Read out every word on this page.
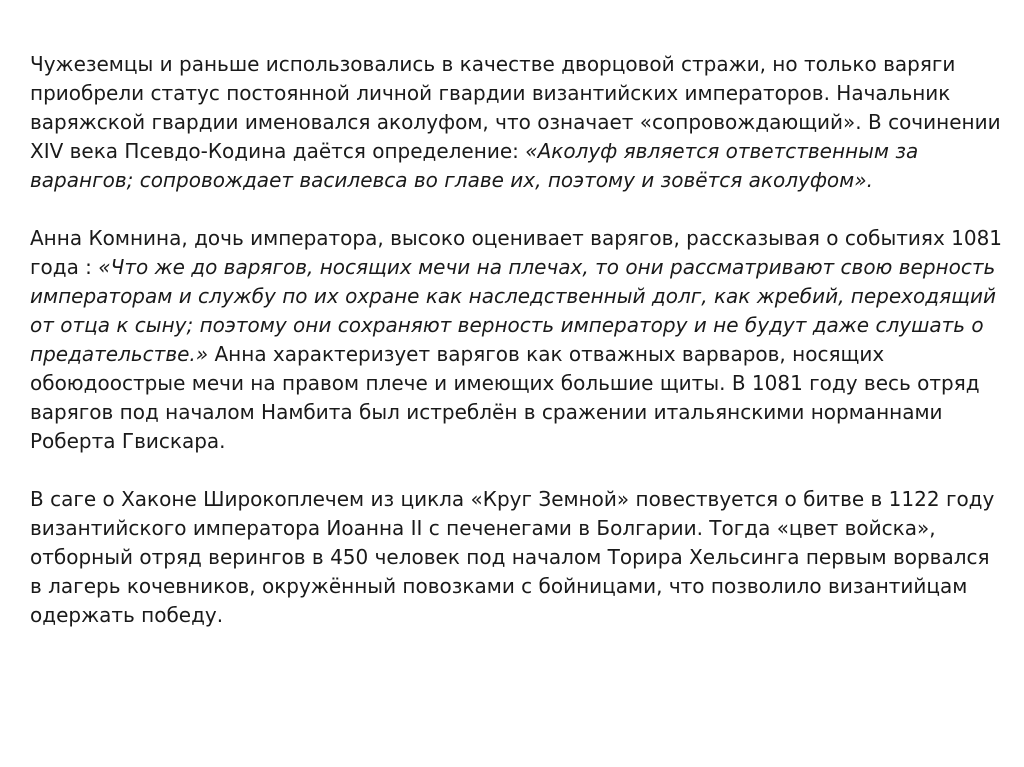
Чужеземцы и раньше использовались в качестве дворцовой стражи, но только варяги приобрели статус постоянной личной гвардии византийских императоров. Начальник варяжской гвардии именовался аколуфом, что означает «сопровождающий». В сочинении XIV века Псевдо-Кодина даётся определение: «Аколуф является ответственным за варангов; сопровождает василевса во главе их, поэтому и зовётся аколуфом».

Анна Комнина, дочь императора, высоко оценивает варягов, рассказывая о событиях 1081 года : «Что же до варягов, носящих мечи на плечах, то они рассматривают свою верность императорам и службу по их охране как наследственный долг, как жребий, переходящий от отца к сыну; поэтому они сохраняют верность императору и не будут даже слушать о предательстве.» Анна характеризует варягов как отважных варваров, носящих обоюдоострые мечи на правом плече и имеющих большие щиты. В 1081 году весь отряд варягов под началом Намбита был истреблён в сражении итальянскими норманнами Роберта Гвискара.

В саге о Хаконе Широкоплечем из цикла «Круг Земной» повествуется о битве в 1122 году византийского императора Иоанна II с печенегами в Болгарии. Тогда «цвет войска», отборный отряд верингов в 450 человек под началом Торира Хельсинга первым ворвался в лагерь кочевников, окружённый повозками с бойницами, что позволило византийцам одержать победу.
